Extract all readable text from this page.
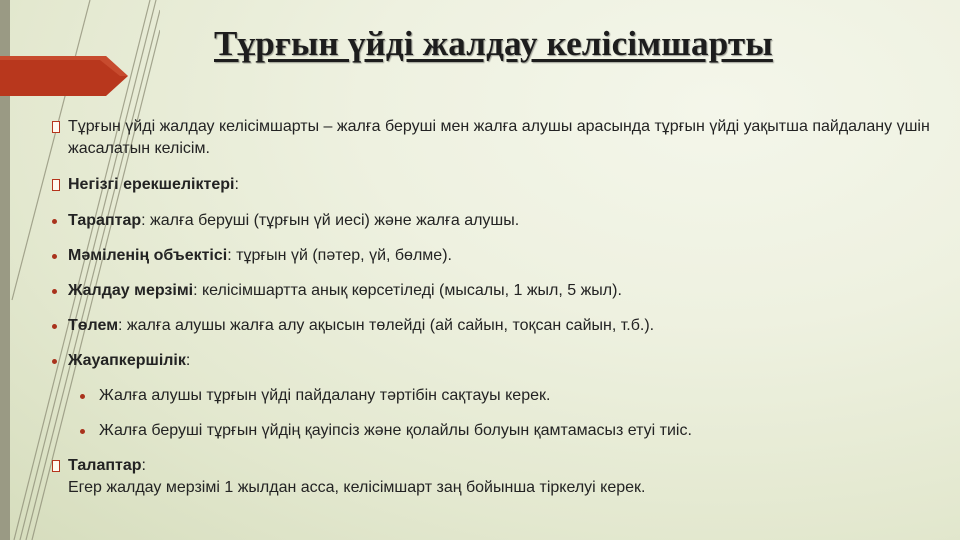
Тұрғын үйді жалдау келісімшарты
Тұрғын үйді жалдау келісімшарты – жалға беруші мен жалға алушы арасында тұрғын үйді уақытша пайдалану үшін жасалатын келісім.
Негізгі ерекшеліктері:
Тараптар: жалға беруші (тұрғын үй иесі) және жалға алушы.
Мәміленің объектісі: тұрғын үй (пәтер, үй, бөлме).
Жалдау мерзімі: келісімшартта анық көрсетіледі (мысалы, 1 жыл, 5 жыл).
Төлем: жалға алушы жалға алу ақысын төлейді (ай сайын, тоқсан сайын, т.б.).
Жауапкершілік:
Жалға алушы тұрғын үйді пайдалану тәртібін сақтауы керек.
Жалға беруші тұрғын үйдің қауіпсіз және қолайлы болуын қамтамасыз етуі тиіс.
Талаптар:
Егер жалдау мерзімі 1 жылдан асса, келісімшарт заң бойынша тіркелуі керек.
